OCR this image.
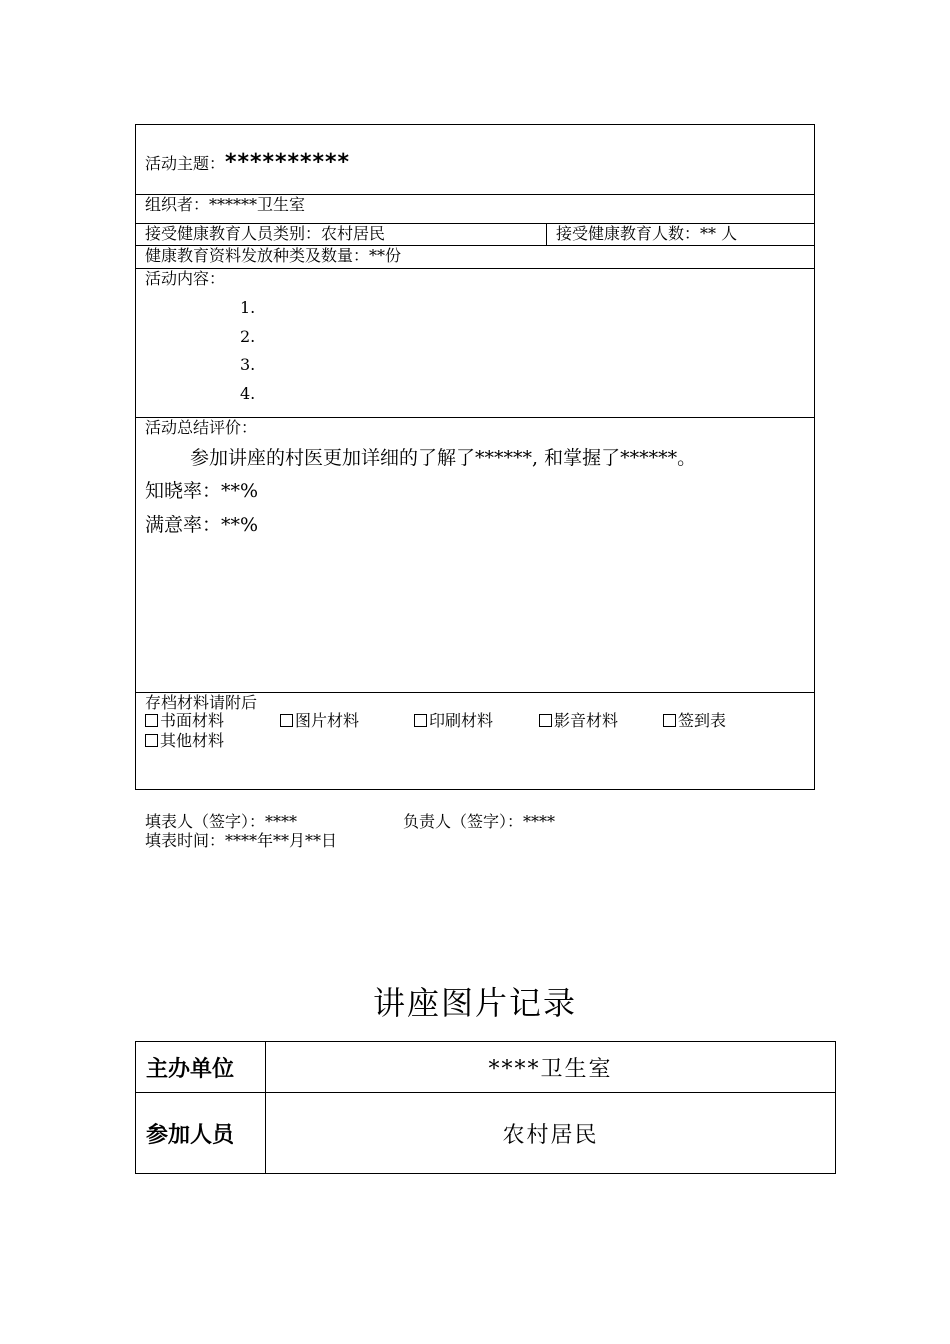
活动主题：**********
组织者：******卫生室
接受健康教育人员类别：农村居民	接受健康教育人数：** 人
健康教育资料发放种类及数量：**份
活动内容：
1.
2.
3.
4.
活动总结评价：
参加讲座的村医更加详细的了解了******, 和掌握了******。
知晓率：**%
满意率：**%
存档材料请附后
书面材料	图片材料	印刷材料	影音材料	签到表
其他材料
填表人（签字）：****	负责人（签字）：****
填表时间：****年**月**日
讲座图片记录
主办单位	****卫生室
参加人员	农村居民
